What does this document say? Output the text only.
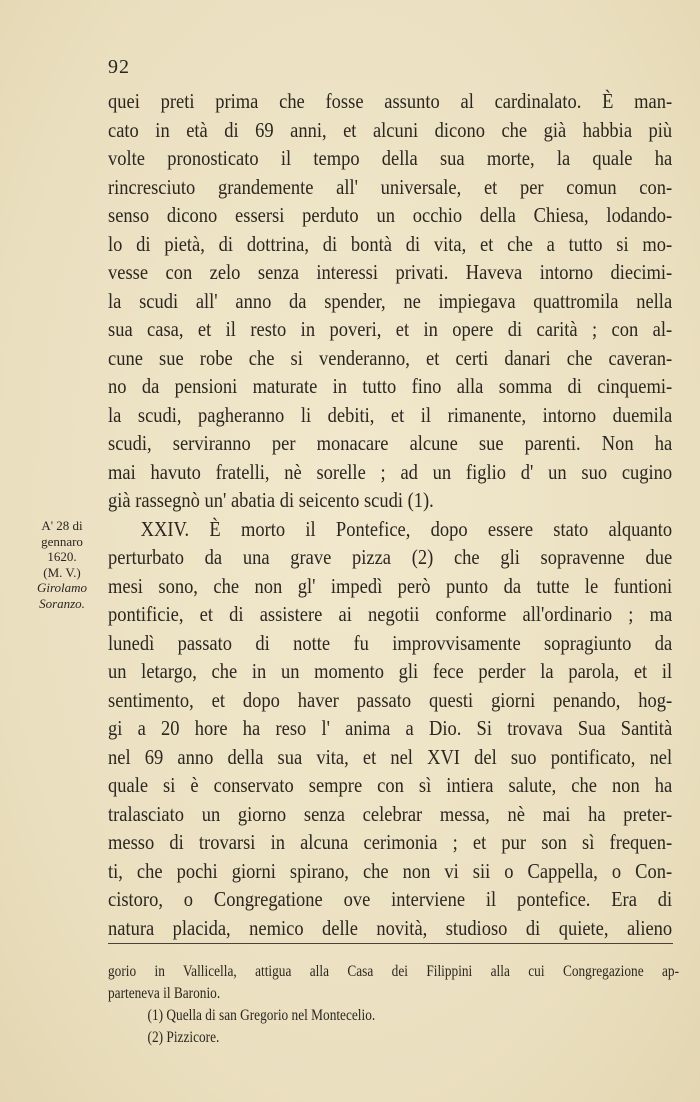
92
quei preti prima che fosse assunto al cardinalato. È man-
cato in età di 69 anni, et alcuni dicono che già habbia più
volte pronosticato il tempo della sua morte, la quale ha
rincresciuto grandemente all' universale, et per comun con-
senso dicono essersi perduto un occhio della Chiesa, lodando-
lo di pietà, di dottrina, di bontà di vita, et che a tutto si mo-
vesse con zelo senza interessi privati. Haveva intorno diecimi-
la scudi all' anno da spender, ne impiegava quattromila nella
sua casa, et il resto in poveri, et in opere di carità ; con al-
cune sue robe che si venderanno, et certi danari che caveran-
no da pensioni maturate in tutto fino alla somma di cinquemi-
la scudi, pagheranno li debiti, et il rimanente, intorno duemila
scudi, serviranno per monacare alcune sue parenti. Non ha
mai havuto fratelli, nè sorelle ; ad un figlio d' un suo cugino
già rassegnò un' abatia di seicento scudi (1).
XXIV. È morto il Pontefice, dopo essere stato alquanto
perturbato da una grave pizza (2) che gli sopravenne due
mesi sono, che non gl' impedì però punto da tutte le funtioni
pontificie, et di assistere ai negotii conforme all'ordinario ; ma
lunedì passato di notte fu improvvisamente sopragiunto da
un letargo, che in un momento gli fece perder la parola, et il
sentimento, et dopo haver passato questi giorni penando, hog-
gi a 20 hore ha reso l' anima a Dio. Si trovava Sua Santità
nel 69 anno della sua vita, et nel XVI del suo pontificato, nel
quale si è conservato sempre con sì intiera salute, che non ha
tralasciato un giorno senza celebrar messa, nè mai ha preter-
messo di trovarsi in alcuna cerimonia ; et pur son sì frequen-
ti, che pochi giorni spirano, che non vi sii o Cappella, o Con-
cistoro, o Congregatione ove interviene il pontefice. Era di
natura placida, nemico delle novità, studioso di quiete, alieno
A' 28 di
gennaro
1620.
(M. V.)
Girolamo
Soranzo.
gorio in Vallicella, attigua alla Casa dei Filippini alla cui Congregazione ap-
parteneva il Baronio.
(1) Quella di san Gregorio nel Montecelio.
(2) Pizzicore.
